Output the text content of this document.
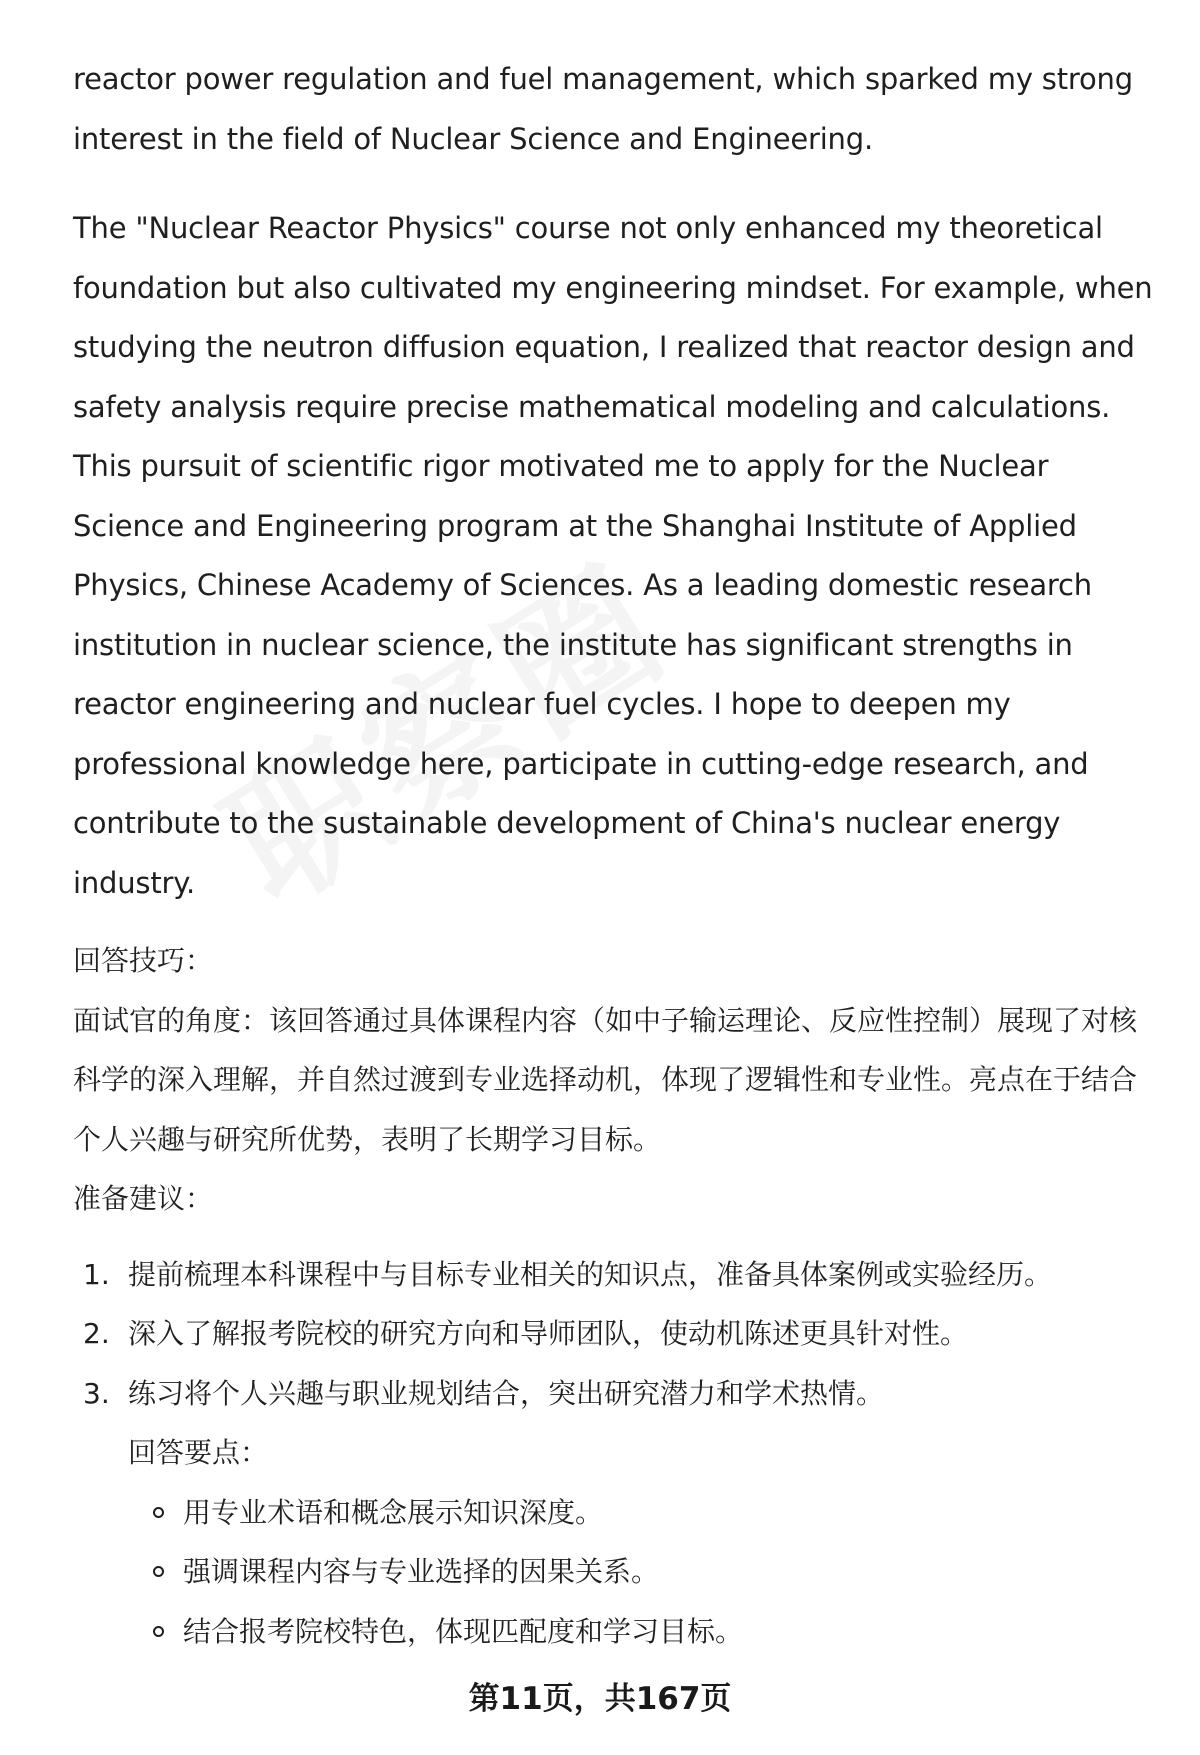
reactor power regulation and fuel management, which sparked my strong interest in the field of Nuclear Science and Engineering.

The "Nuclear Reactor Physics" course not only enhanced my theoretical foundation but also cultivated my engineering mindset. For example, when studying the neutron diffusion equation, I realized that reactor design and safety analysis require precise mathematical modeling and calculations. This pursuit of scientific rigor motivated me to apply for the Nuclear Science and Engineering program at the Shanghai Institute of Applied Physics, Chinese Academy of Sciences. As a leading domestic research institution in nuclear science, the institute has significant strengths in reactor engineering and nuclear fuel cycles. I hope to deepen my professional knowledge here, participate in cutting-edge research, and contribute to the sustainable development of China's nuclear energy industry.

回答技巧：

面试官的角度：该回答通过具体课程内容（如中子输运理论、反应性控制）展现了对核科学的深入理解，并自然过渡到专业选择动机，体现了逻辑性和专业性。亮点在于结合个人兴趣与研究所优势，表明了长期学习目标。

准备建议：

1. 提前梳理本科课程中与目标专业相关的知识点，准备具体案例或实验经历。
2. 深入了解报考院校的研究方向和导师团队，使动机陈述更具针对性。
3. 练习将个人兴趣与职业规划结合，突出研究潜力和学术热情。

回答要点：

用专业术语和概念展示知识深度。
强调课程内容与专业选择的因果关系。
结合报考院校特色，体现匹配度和学习目标。
第11页，共167页
